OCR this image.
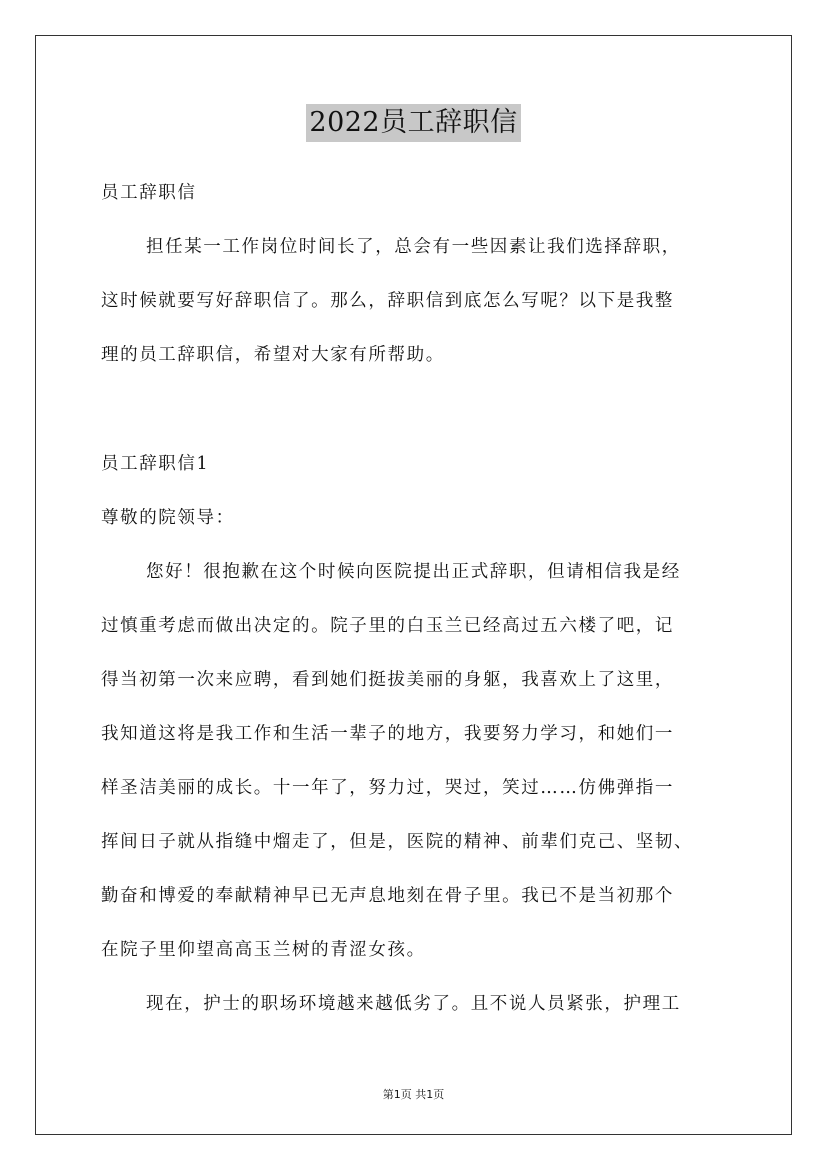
2022员工辞职信
员工辞职信
担任某一工作岗位时间长了，总会有一些因素让我们选择辞职，
这时候就要写好辞职信了。那么，辞职信到底怎么写呢？以下是我整
理的员工辞职信，希望对大家有所帮助。
员工辞职信1
尊敬的院领导：
您好！很抱歉在这个时候向医院提出正式辞职，但请相信我是经
过慎重考虑而做出决定的。院子里的白玉兰已经高过五六楼了吧，记
得当初第一次来应聘，看到她们挺拔美丽的身躯，我喜欢上了这里，
我知道这将是我工作和生活一辈子的地方，我要努力学习，和她们一
样圣洁美丽的成长。十一年了，努力过，哭过，笑过……仿佛弹指一
挥间日子就从指缝中熘走了，但是，医院的精神、前辈们克己、坚韧、
勤奋和博爱的奉献精神早已无声息地刻在骨子里。我已不是当初那个
在院子里仰望高高玉兰树的青涩女孩。
现在，护士的职场环境越来越低劣了。且不说人员紧张，护理工
第1页 共1页
